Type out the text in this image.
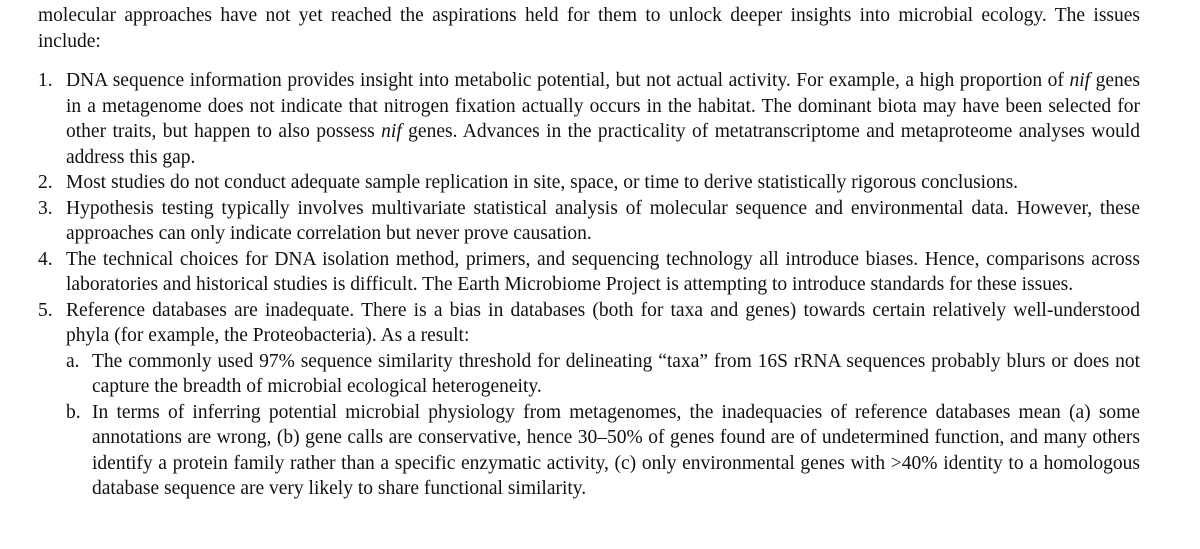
molecular approaches have not yet reached the aspirations held for them to unlock deeper insights into microbial ecology. The issues include:

1. DNA sequence information provides insight into metabolic potential, but not actual activity. For example, a high proportion of nif genes in a metagenome does not indicate that nitrogen fixation actually occurs in the habitat. The dominant biota may have been selected for other traits, but happen to also possess nif genes. Advances in the practicality of metatranscriptome and metaproteome analyses would address this gap.
2. Most studies do not conduct adequate sample replication in site, space, or time to derive statistically rigorous conclusions.
3. Hypothesis testing typically involves multivariate statistical analysis of molecular sequence and environmental data. However, these approaches can only indicate correlation but never prove causation.
4. The technical choices for DNA isolation method, primers, and sequencing technology all introduce biases. Hence, comparisons across laboratories and historical studies is difficult. The Earth Microbiome Project is attempting to introduce standards for these issues.
5. Reference databases are inadequate. There is a bias in databases (both for taxa and genes) towards certain relatively well-understood phyla (for example, the Proteobacteria). As a result:

a. The commonly used 97% sequence similarity threshold for delineating “taxa” from 16S rRNA sequences probably blurs or does not capture the breadth of microbial ecological heterogeneity.
b. In terms of inferring potential microbial physiology from metagenomes, the inadequacies of reference databases mean (a) some annotations are wrong, (b) gene calls are conservative, hence 30–50% of genes found are of undetermined function, and many others identify a protein family rather than a specific enzymatic activity, (c) only environmental genes with >40% identity to a homologous database sequence are very likely to share functional similarity.
